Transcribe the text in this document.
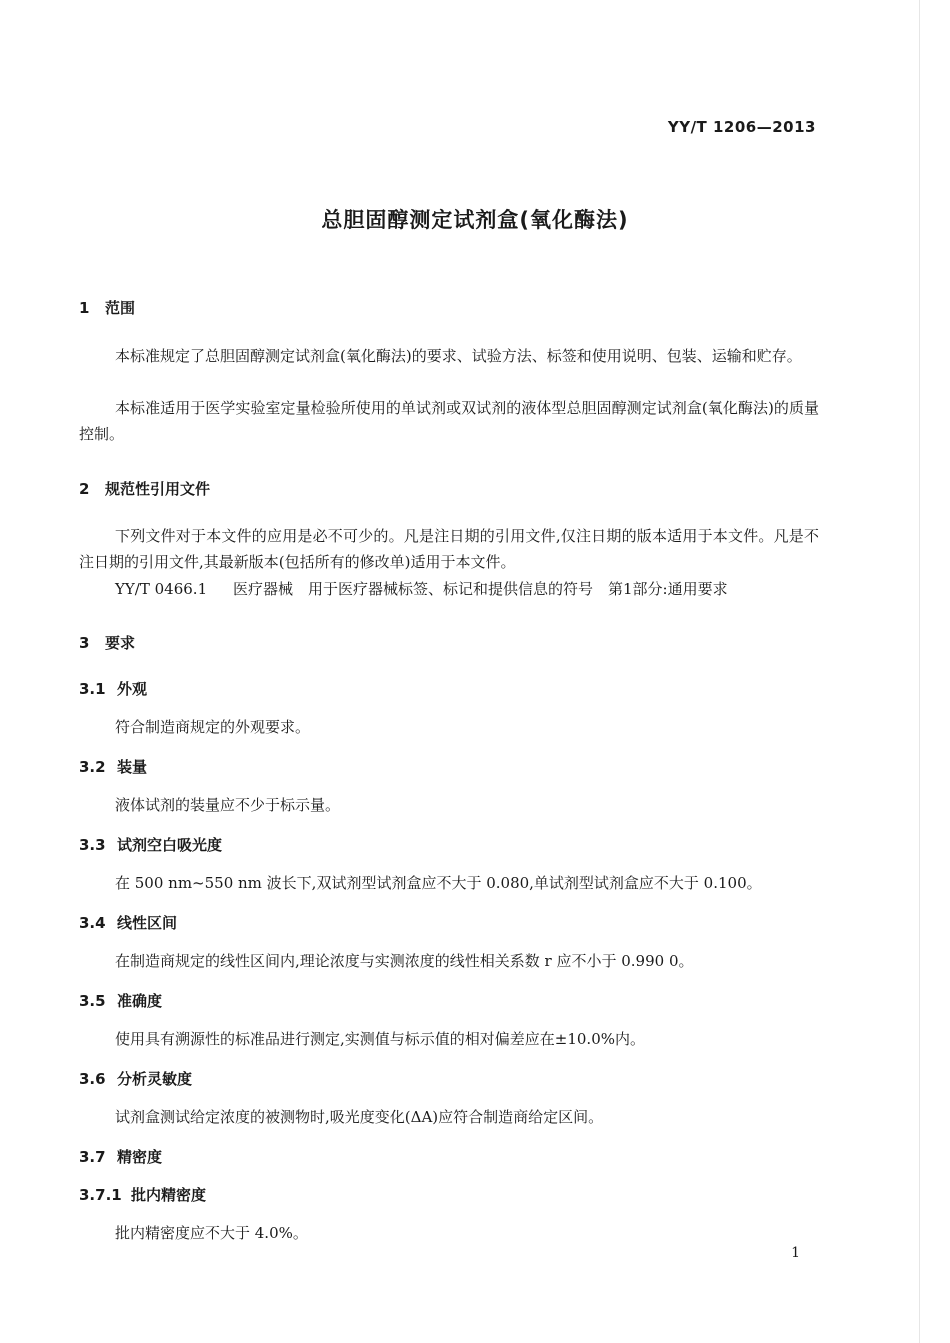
YY/T 1206—2013
总胆固醇测定试剂盒(氧化酶法)
1 范围
本标准规定了总胆固醇测定试剂盒(氧化酶法)的要求、试验方法、标签和使用说明、包装、运输和贮存。
本标准适用于医学实验室定量检验所使用的单试剂或双试剂的液体型总胆固醇测定试剂盒(氧化酶法)的质量控制。
2 规范性引用文件
下列文件对于本文件的应用是必不可少的。凡是注日期的引用文件,仅注日期的版本适用于本文件。凡是不注日期的引用文件,其最新版本(包括所有的修改单)适用于本文件。
YY/T 0466.1 医疗器械　用于医疗器械标签、标记和提供信息的符号　第1部分:通用要求
3 要求
3.1 外观
符合制造商规定的外观要求。
3.2 装量
液体试剂的装量应不少于标示量。
3.3 试剂空白吸光度
在 500 nm~550 nm 波长下,双试剂型试剂盒应不大于 0.080,单试剂型试剂盒应不大于 0.100。
3.4 线性区间
在制造商规定的线性区间内,理论浓度与实测浓度的线性相关系数 r 应不小于 0.990 0。
3.5 准确度
使用具有溯源性的标准品进行测定,实测值与标示值的相对偏差应在±10.0%内。
3.6 分析灵敏度
试剂盒测试给定浓度的被测物时,吸光度变化(ΔA)应符合制造商给定区间。
3.7 精密度
3.7.1 批内精密度
批内精密度应不大于 4.0%。
1
